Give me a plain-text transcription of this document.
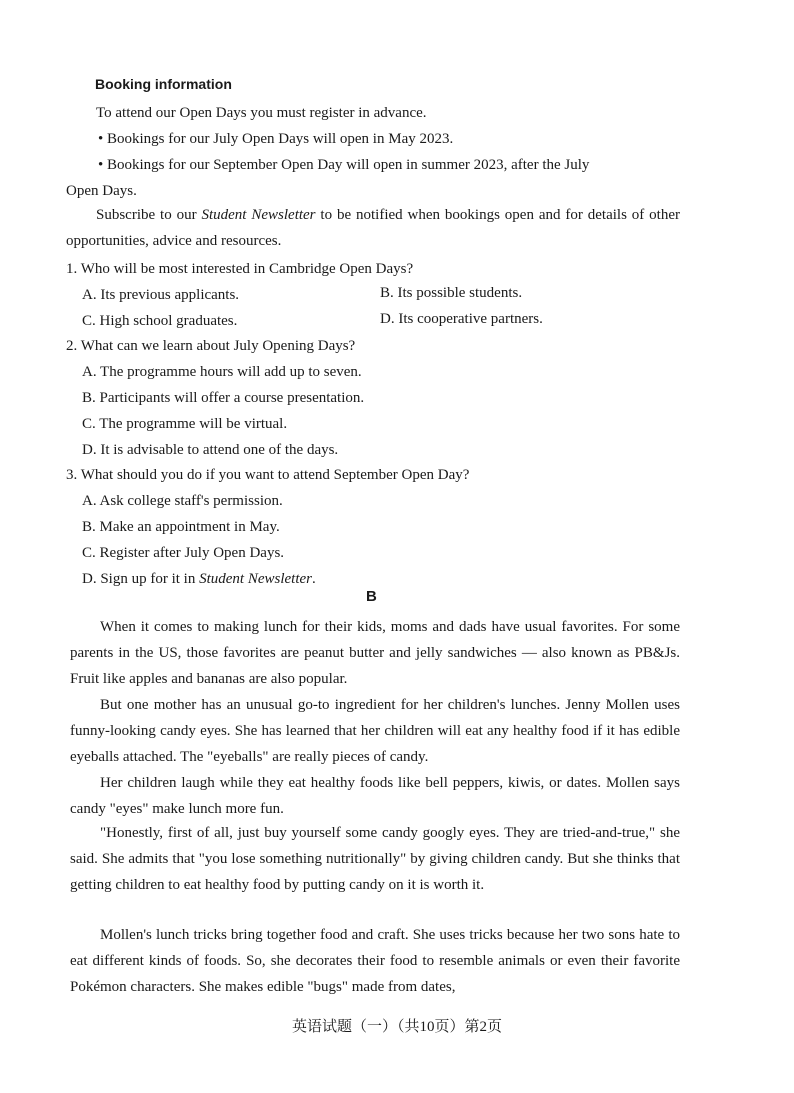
Booking information
To attend our Open Days you must register in advance.
• Bookings for our July Open Days will open in May 2023.
• Bookings for our September Open Day will open in summer 2023, after the July
Open Days.
Subscribe to our Student Newsletter to be notified when bookings open and for details of other opportunities, advice and resources.
1. Who will be most interested in Cambridge Open Days?
A. Its previous applicants.	B. Its possible students.
C. High school graduates.	D. Its cooperative partners.
2. What can we learn about July Opening Days?
A. The programme hours will add up to seven.
B. Participants will offer a course presentation.
C. The programme will be virtual.
D. It is advisable to attend one of the days.
3. What should you do if you want to attend September Open Day?
A. Ask college staff's permission.
B. Make an appointment in May.
C. Register after July Open Days.
D. Sign up for it in Student Newsletter.
B
When it comes to making lunch for their kids, moms and dads have usual favorites. For some parents in the US, those favorites are peanut butter and jelly sandwiches — also known as PB&Js. Fruit like apples and bananas are also popular.
But one mother has an unusual go-to ingredient for her children's lunches. Jenny Mollen uses funny-looking candy eyes. She has learned that her children will eat any healthy food if it has edible eyeballs attached. The "eyeballs" are really pieces of candy.
Her children laugh while they eat healthy foods like bell peppers, kiwis, or dates. Mollen says candy "eyes" make lunch more fun.
"Honestly, first of all, just buy yourself some candy googly eyes. They are tried-and-true," she said. She admits that "you lose something nutritionally" by giving children candy. But she thinks that getting children to eat healthy food by putting candy on it is worth it.
Mollen's lunch tricks bring together food and craft. She uses tricks because her two sons hate to eat different kinds of foods. So, she decorates their food to resemble animals or even their favorite Pokémon characters. She makes edible "bugs" made from dates,
英语试题（一）（共10页）第2页
